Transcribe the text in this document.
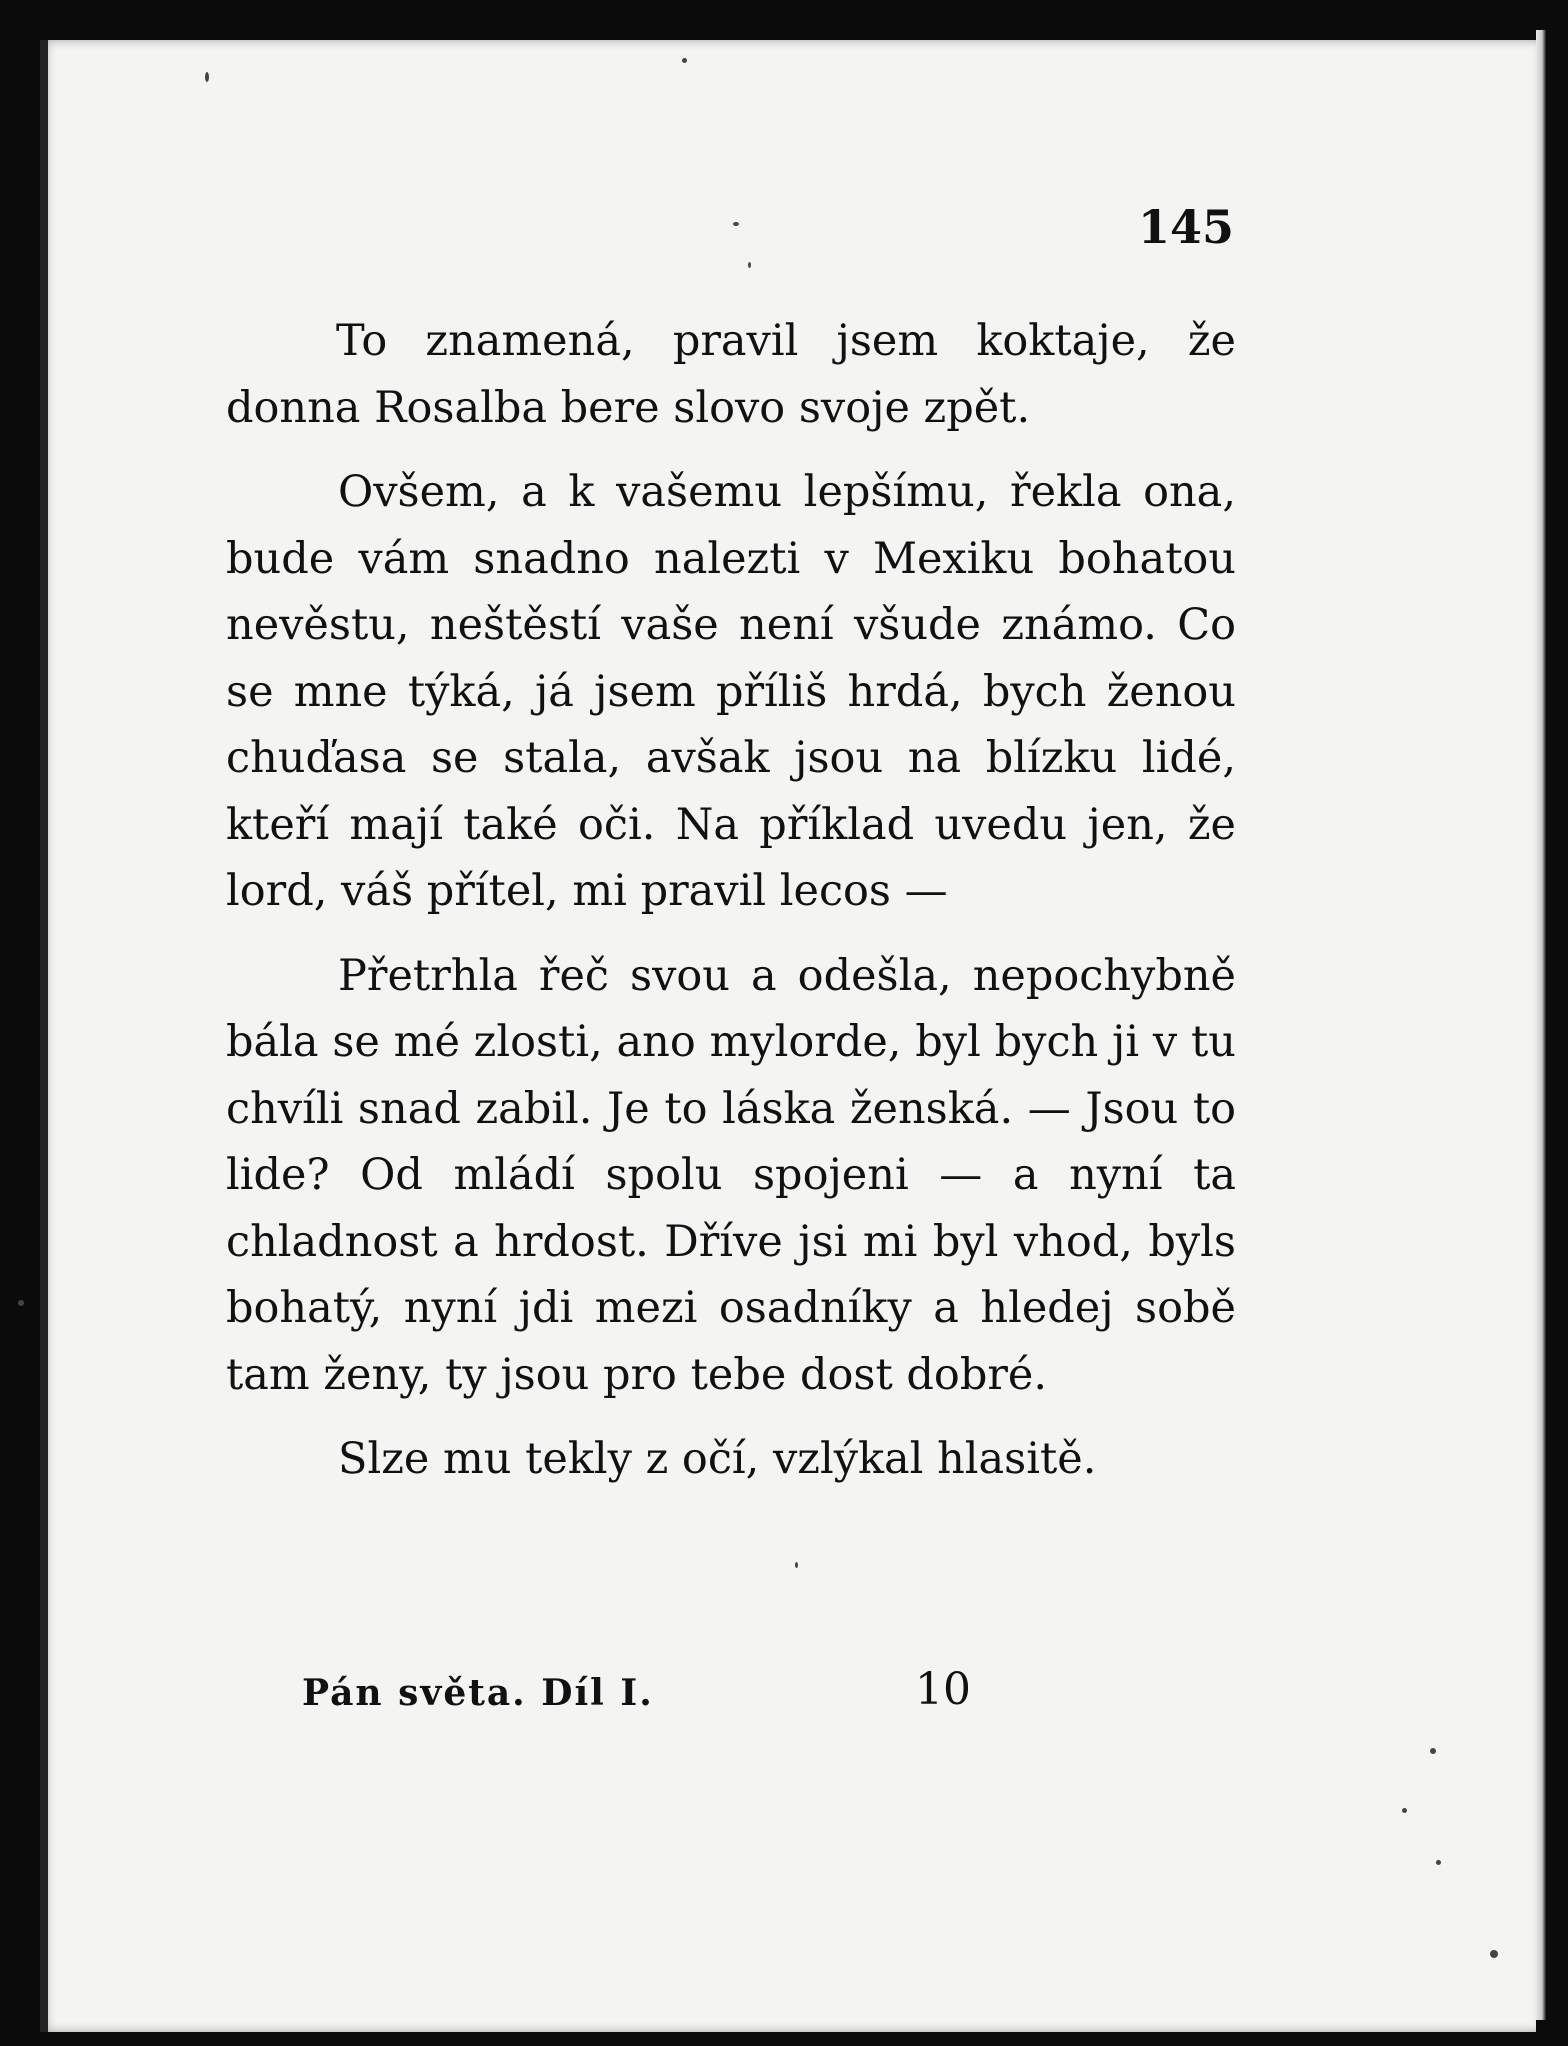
145

To znamená, pravil jsem koktaje, že donna Rosalba bere slovo svoje zpět.

Ovšem, a k vašemu lepšímu, řekla ona, bude vám snadno nalezti v Mexiku bohatou nevěstu, neštěstí vaše není všude známo. Co se mne týká, já jsem příliš hrdá, bych ženou chuďasa se stala, avšak jsou na blízku lidé, kteří mají také oči. Na příklad uvedu jen, že lord, váš přítel, mi pravil lecos —

Přetrhla řeč svou a odešla, nepochybně bála se mé zlosti, ano mylorde, byl bych ji v tu chvíli snad zabil. Je to láska ženská. — Jsou to lide? Od mládí spolu spojeni — a nyní ta chladnost a hrdost. Dříve jsi mi byl vhod, byls bohatý, nyní jdi mezi osadníky a hledej sobě tam ženy, ty jsou pro tebe dost dobré.

Slze mu tekly z očí, vzlýkal hlasitě.

Pán světa. Díl I.	10
